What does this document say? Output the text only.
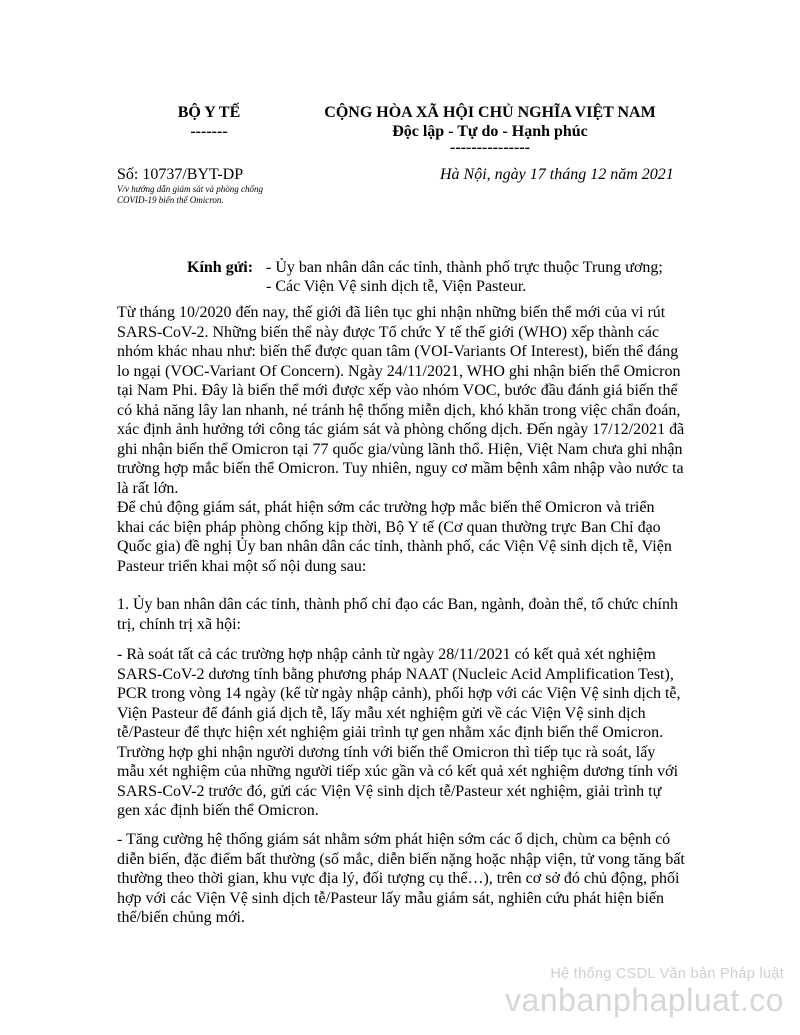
BỘ Y TẾ
-------
CỘNG HÒA XÃ HỘI CHỦ NGHĨA VIỆT NAM
Độc lập - Tự do - Hạnh phúc
---------------
Số: 10737/BYT-DP
V/v hướng dẫn giám sát và phòng chống
COVID-19 biến thể Omicron.
Hà Nội, ngày 17 tháng 12 năm 2021
Kính gửi: - Ủy ban nhân dân các tỉnh, thành phố trực thuộc Trung ương;
- Các Viện Vệ sinh dịch tễ, Viện Pasteur.

Từ tháng 10/2020 đến nay, thế giới đã liên tục ghi nhận những biến thể mới của vi rút SARS-CoV-2. Những biến thể này được Tổ chức Y tế thế giới (WHO) xếp thành các nhóm khác nhau như: biến thể được quan tâm (VOI-Variants Of Interest), biến thể đáng lo ngại (VOC-Variant Of Concern). Ngày 24/11/2021, WHO ghi nhận biến thể Omicron tại Nam Phi. Đây là biến thể mới được xếp vào nhóm VOC, bước đầu đánh giá biến thể có khả năng lây lan nhanh, né tránh hệ thống miễn dịch, khó khăn trong việc chẩn đoán, xác định ảnh hưởng tới công tác giám sát và phòng chống dịch. Đến ngày 17/12/2021 đã ghi nhận biến thể Omicron tại 77 quốc gia/vùng lãnh thổ. Hiện, Việt Nam chưa ghi nhận trường hợp mắc biến thể Omicron. Tuy nhiên, nguy cơ mầm bệnh xâm nhập vào nước ta là rất lớn.

Để chủ động giám sát, phát hiện sớm các trường hợp mắc biến thể Omicron và triển khai các biện pháp phòng chống kịp thời, Bộ Y tế (Cơ quan thường trực Ban Chỉ đạo Quốc gia) đề nghị Ủy ban nhân dân các tỉnh, thành phố, các Viện Vệ sinh dịch tễ, Viện Pasteur triển khai một số nội dung sau:

1. Ủy ban nhân dân các tỉnh, thành phố chỉ đạo các Ban, ngành, đoàn thể, tổ chức chính trị, chính trị xã hội:

- Rà soát tất cả các trường hợp nhập cảnh từ ngày 28/11/2021 có kết quả xét nghiệm SARS-CoV-2 dương tính bằng phương pháp NAAT (Nucleic Acid Amplification Test), PCR trong vòng 14 ngày (kể từ ngày nhập cảnh), phối hợp với các Viện Vệ sinh dịch tễ, Viện Pasteur để đánh giá dịch tễ, lấy mẫu xét nghiệm gửi về các Viện Vệ sinh dịch tễ/Pasteur để thực hiện xét nghiệm giải trình tự gen nhằm xác định biến thể Omicron. Trường hợp ghi nhận người dương tính với biến thể Omicron thì tiếp tục rà soát, lấy mẫu xét nghiệm của những người tiếp xúc gần và có kết quả xét nghiệm dương tính với SARS-CoV-2 trước đó, gửi các Viện Vệ sinh dịch tễ/Pasteur xét nghiệm, giải trình tự gen xác định biến thể Omicron.

- Tăng cường hệ thống giám sát nhằm sớm phát hiện sớm các ổ dịch, chùm ca bệnh có diễn biến, đặc điểm bất thường (số mắc, diễn biến nặng hoặc nhập viện, tử vong tăng bất thường theo thời gian, khu vực địa lý, đối tượng cụ thể…), trên cơ sở đó chủ động, phối hợp với các Viện Vệ sinh dịch tễ/Pasteur lấy mẫu giám sát, nghiên cứu phát hiện biến thể/biến chủng mới.

Hệ thống CSDL Văn bản Pháp luật
vanbanphapluat.co
